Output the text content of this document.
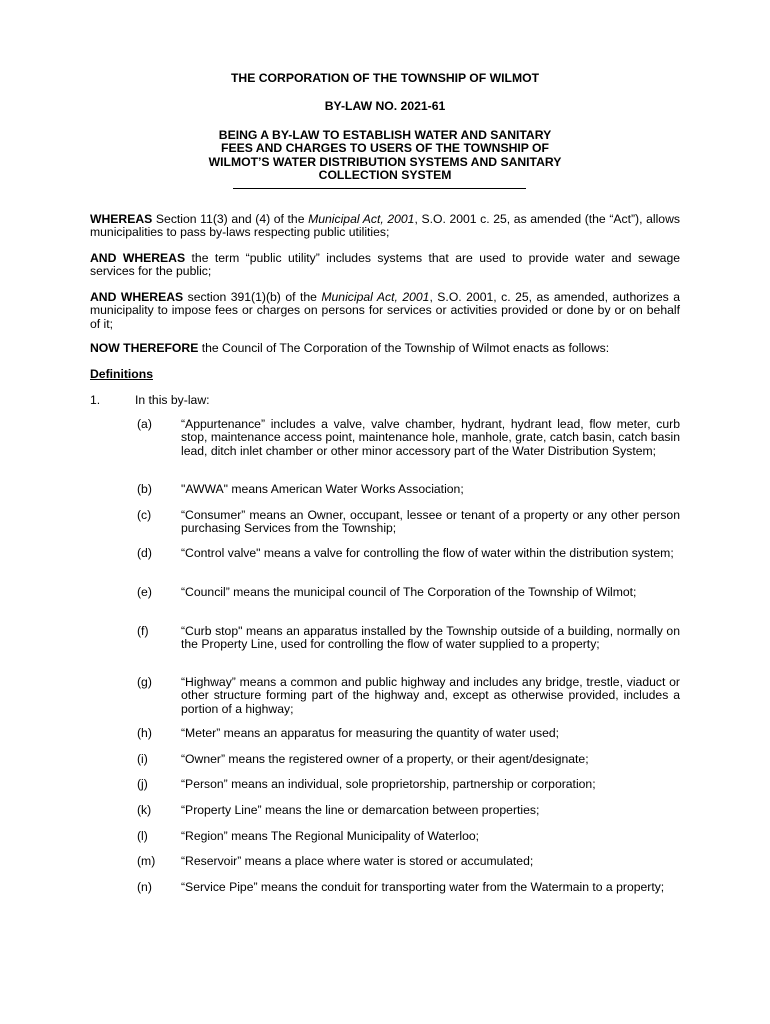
THE CORPORATION OF THE TOWNSHIP OF WILMOT
BY-LAW NO. 2021-61
BEING A BY-LAW TO ESTABLISH WATER AND SANITARY
FEES AND CHARGES TO USERS OF THE TOWNSHIP OF
WILMOT’S WATER DISTRIBUTION SYSTEMS AND SANITARY
COLLECTION SYSTEM
WHEREAS Section 11(3) and (4) of the Municipal Act, 2001, S.O. 2001 c. 25, as amended (the “Act”), allows municipalities to pass by-laws respecting public utilities;
AND WHEREAS the term “public utility” includes systems that are used to provide water and sewage services for the public;
AND WHEREAS section 391(1)(b) of the Municipal Act, 2001, S.O. 2001, c. 25, as amended, authorizes a municipality to impose fees or charges on persons for services or activities provided or done by or on behalf of it;
NOW THEREFORE the Council of The Corporation of the Township of Wilmot enacts as follows:
Definitions
1.	In this by-law:
(a) “Appurtenance” includes a valve, valve chamber, hydrant, hydrant lead, flow meter, curb stop, maintenance access point, maintenance hole, manhole, grate, catch basin, catch basin lead, ditch inlet chamber or other minor accessory part of the Water Distribution System;
(b) "AWWA" means American Water Works Association;
(c) “Consumer” means an Owner, occupant, lessee or tenant of a property or any other person purchasing Services from the Township;
(d) “Control valve" means a valve for controlling the flow of water within the distribution system;
(e) “Council” means the municipal council of The Corporation of the Township of Wilmot;
(f)	“Curb stop" means an apparatus installed by the Township outside of a building, normally on the Property Line, used for controlling the flow of water supplied to a property;
(g) “Highway” means a common and public highway and includes any bridge, trestle, viaduct or other structure forming part of the highway and, except as otherwise provided, includes a portion of a highway;
(h) “Meter” means an apparatus for measuring the quantity of water used;
(i)	“Owner” means the registered owner of a property, or their agent/designate;
(j)	“Person” means an individual, sole proprietorship, partnership or corporation;
(k) “Property Line” means the line or demarcation between properties;
(l)	“Region” means The Regional Municipality of Waterloo;
(m) “Reservoir” means a place where water is stored or accumulated;
(n) “Service Pipe” means the conduit for transporting water from the Watermain to a property;
